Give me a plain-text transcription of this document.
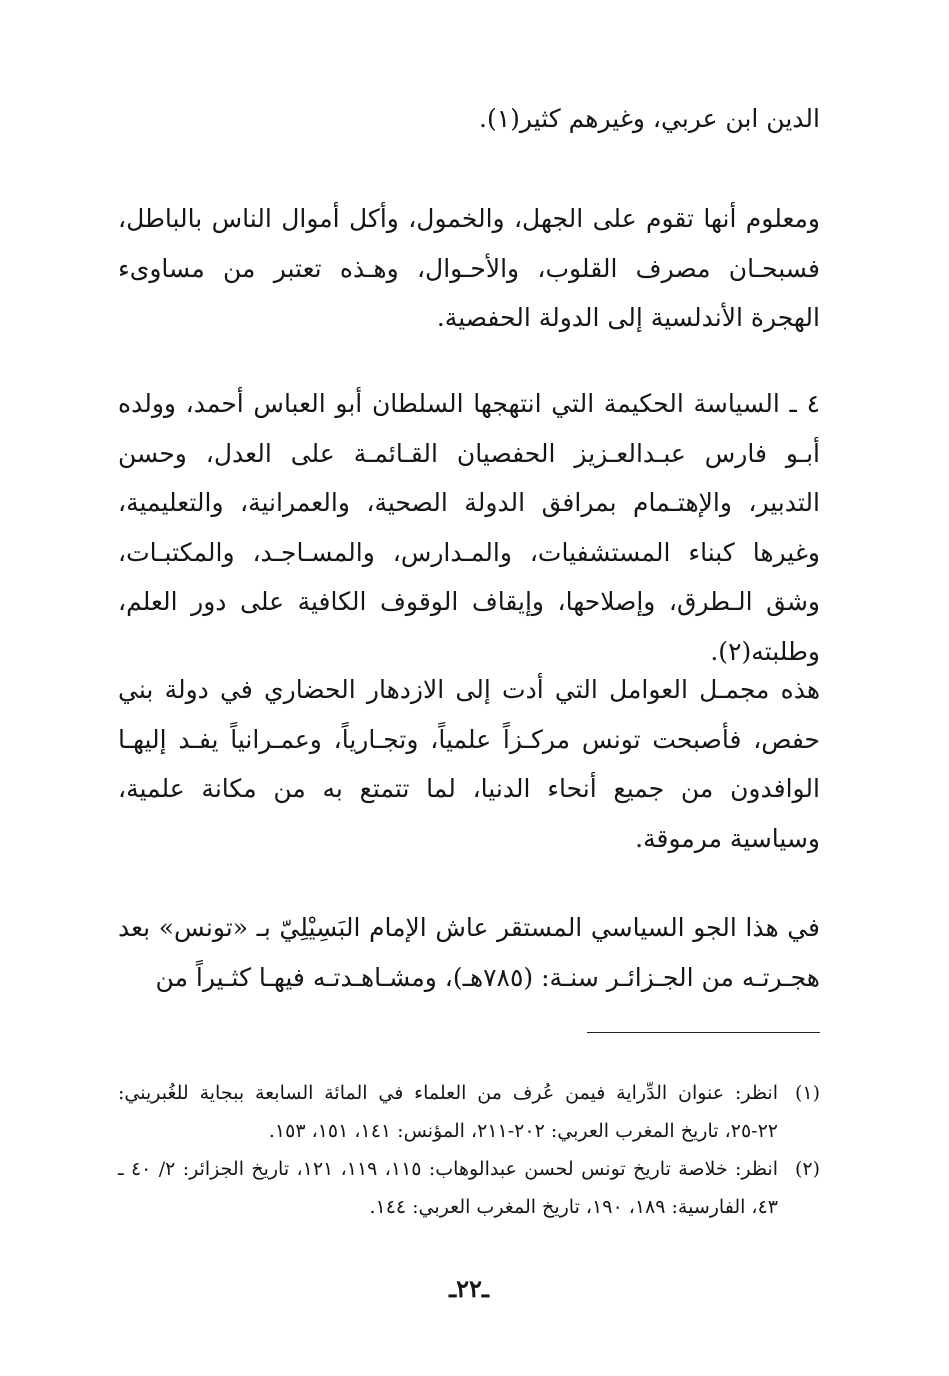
الدين ابن عربي، وغيرهم كثير(١).

ومعلوم أنها تقوم على الجهل، والخمول، وأكل أموال الناس بالباطل، فسبحـان مصرف القلوب، والأحـوال، وهـذه تعتبر من مساوىء الهجرة الأندلسية إلى الدولة الحفصية.

٤ ـ السياسة الحكيمة التي انتهجها السلطان أبو العباس أحمد، وولده أبـو فارس عبـدالعـزيز الحفصيان القـائمـة على العدل، وحسن التدبير، والإهتـمام بمرافق الدولة الصحية، والعمرانية، والتعليمية، وغيرها كبناء المستشفيات، والمـدارس، والمسـاجـد، والمكتبـات، وشق الـطرق، وإصلاحها، وإيقاف الوقوف الكافية على دور العلم، وطلبته(٢).

هذه مجمـل العوامل التي أدت إلى الازدهار الحضاري في دولة بني حفص، فأصبحت تونس مركـزاً علمياً، وتجـارياً، وعمـرانياً يفـد إليهـا الوافدون من جميع أنحاء الدنيا، لما تتمتع به من مكانة علمية، وسياسية مرموقة.

في هذا الجو السياسي المستقر عاش الإمام البَسِيْلِيّ بـ «تونس» بعد هجـرتـه من الجـزائـر سنـة: (٧٨٥هـ)، ومشـاهـدتـه فيهـا كثـيراً من

(١)
انظر: عنوان الدِّراية فيمن عُرف من العلماء في المائة السابعة ببجاية للغُبريني: ٢٢-٢٥، تاريخ المغرب العربي: ٢٠٢-٢١١، المؤنس: ١٤١، ١٥١، ١٥٣.
(٢)
انظر: خلاصة تاريخ تونس لحسن عبدالوهاب: ١١٥، ١١٩، ١٢١، تاريخ الجزائر: ٢/ ٤٠ ـ ٤٣، الفارسية: ١٨٩، ١٩٠، تاريخ المغرب العربي: ١٤٤.
ـ٢٢ـ
